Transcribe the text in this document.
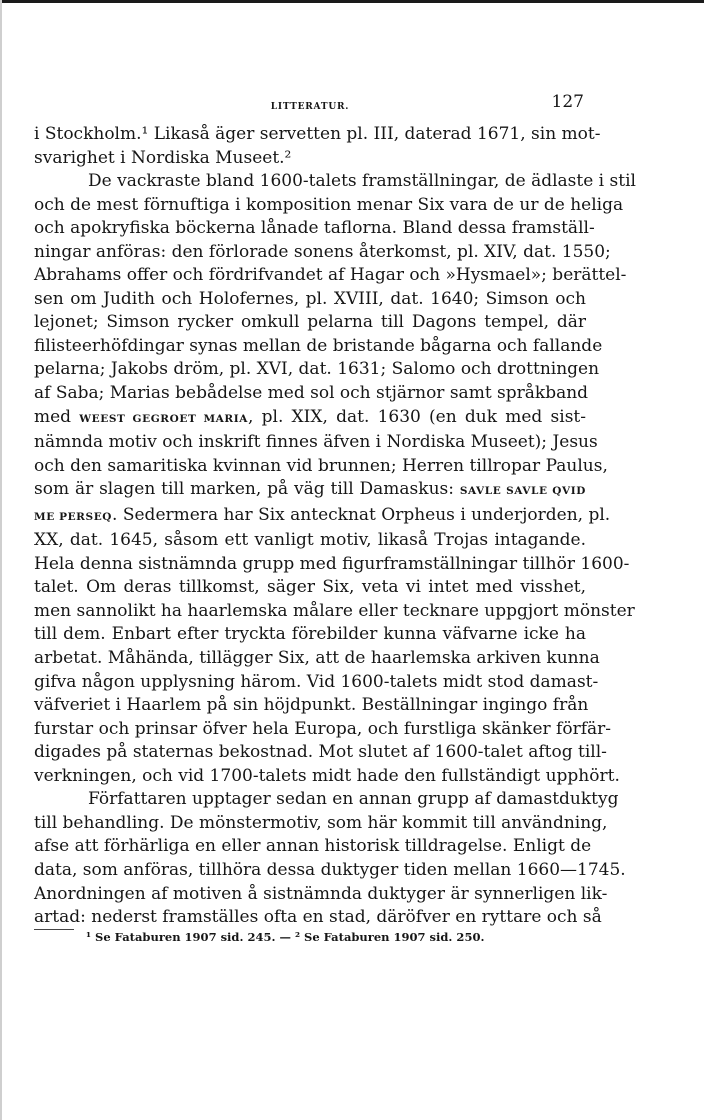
LITTERATUR.	127
i Stockholm.¹ Likaså äger servetten pl. III, daterad 1671, sin mot-
svarighet i Nordiska Museet.²
De vackraste bland 1600-talets framställningar, de ädlaste i stil
och de mest förnuftiga i komposition menar Six vara de ur de heliga
och apokryfiska böckerna lånade taflorna. Bland dessa framställ-
ningar anföras: den förlorade sonens återkomst, pl. XIV, dat. 1550;
Abrahams offer och fördrifvandet af Hagar och »Hysmael»; berättel-
sen om Judith och Holofernes, pl. XVIII, dat. 1640; Simson och
lejonet; Simson rycker omkull pelarna till Dagons tempel, där
filisteerhöfdingar synas mellan de bristande bågarna och fallande
pelarna; Jakobs dröm, pl. XVI, dat. 1631; Salomo och drottningen
af Saba; Marias bebådelse med sol och stjärnor samt språkband
med WEEST GEGROET MARIA, pl. XIX, dat. 1630 (en duk med sist-
nämnda motiv och inskrift finnes äfven i Nordiska Museet); Jesus
och den samaritiska kvinnan vid brunnen; Herren tillropar Paulus,
som är slagen till marken, på väg till Damaskus: SAVLE SAVLE QVID
ME PERSEQ. Sedermera har Six antecknat Orpheus i underjorden, pl.
XX, dat. 1645, såsom ett vanligt motiv, likaså Trojas intagande.
Hela denna sistnämnda grupp med figurframställningar tillhör 1600-
talet. Om deras tillkomst, säger Six, veta vi intet med visshet,
men sannolikt ha haarlemska målare eller tecknare uppgjort mönster
till dem. Enbart efter tryckta förebilder kunna väfvarne icke ha
arbetat. Måhända, tillägger Six, att de haarlemska arkiven kunna
gifva någon upplysning härom. Vid 1600-talets midt stod damast-
väfveriet i Haarlem på sin höjdpunkt. Beställningar ingingo från
furstar och prinsar öfver hela Europa, och furstliga skänker förfär-
digades på staternas bekostnad. Mot slutet af 1600-talet aftog till-
verkningen, och vid 1700-talets midt hade den fullständigt upphört.
Författaren upptager sedan en annan grupp af damastduktyg
till behandling. De mönstermotiv, som här kommit till användning,
afse att förhärliga en eller annan historisk tilldragelse. Enligt de
data, som anföras, tillhöra dessa duktyger tiden mellan 1660—1745.
Anordningen af motiven å sistnämnda duktyger är synnerligen lik-
artad: nederst framställes ofta en stad, däröfver en ryttare och så
¹ Se Fataburen 1907 sid. 245. — ² Se Fataburen 1907 sid. 250.
